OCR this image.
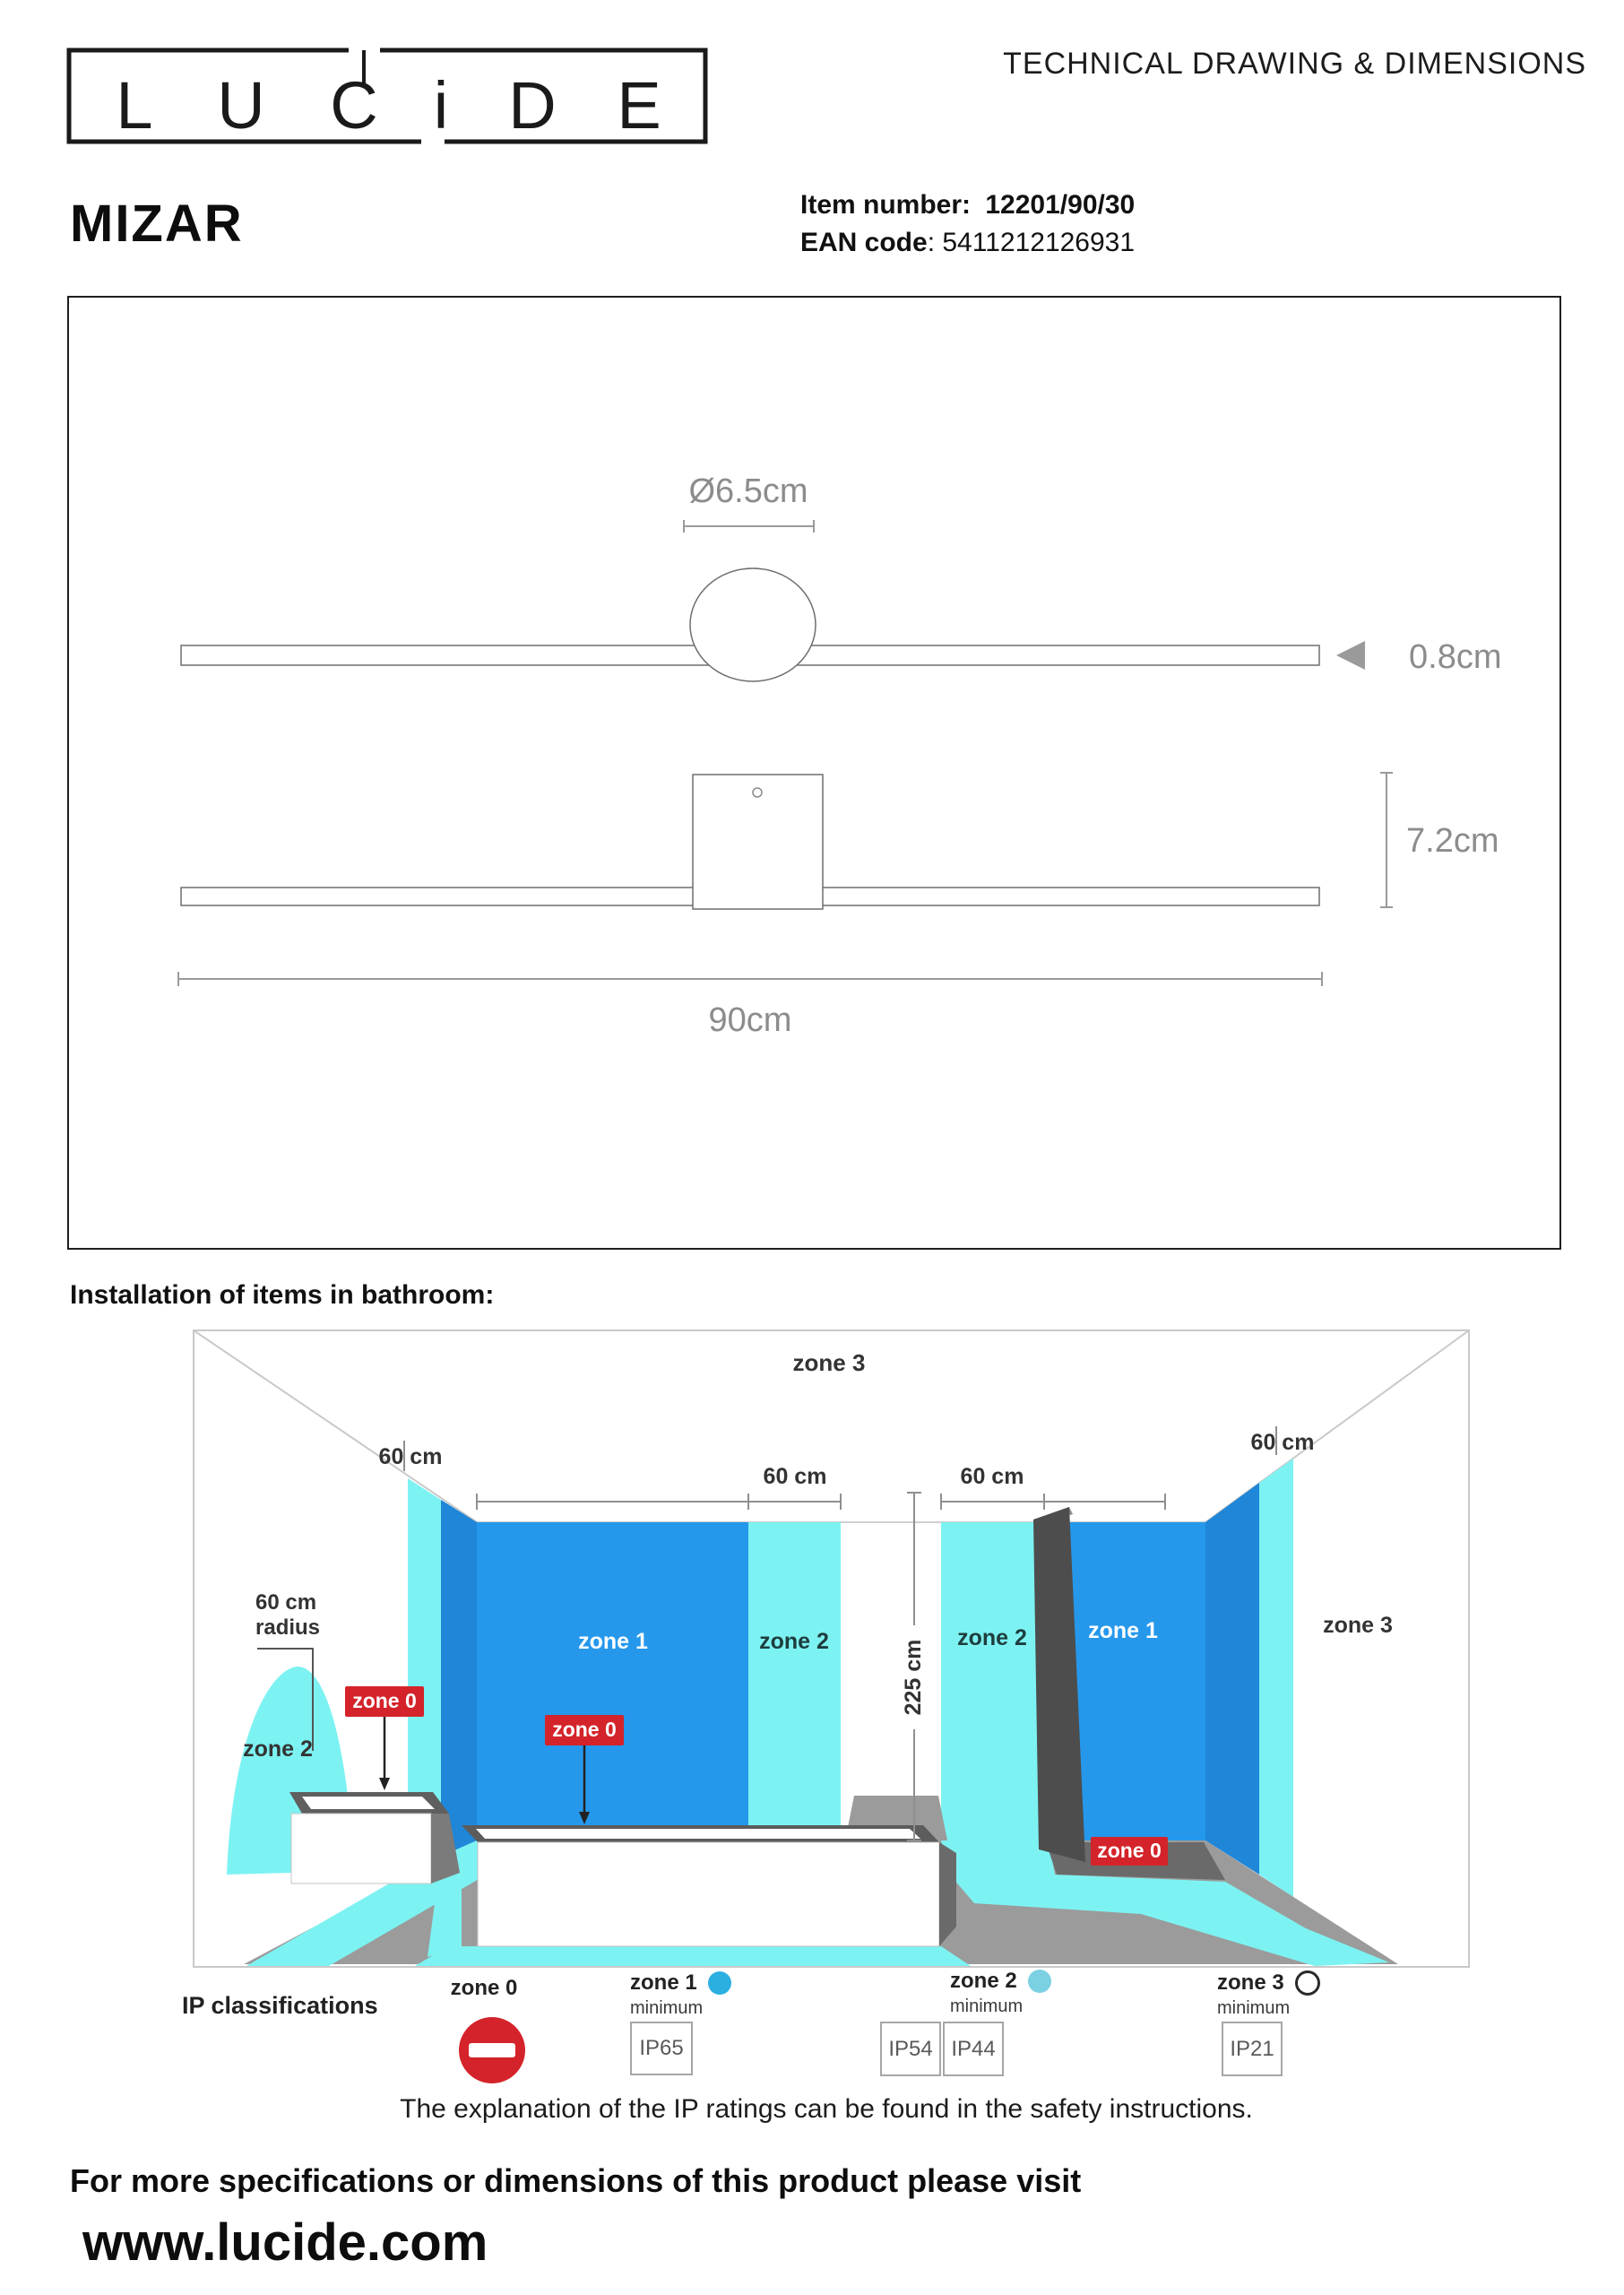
L U C i D E
TECHNICAL DRAWING & DIMENSIONS
MIZAR	Item number: 12201/90/30
EAN code: 5411212126931
Ø6.5cm
0.8cm
7.2cm
90cm
Installation of items in bathroom:
zone 0
zone 0
zone 0
225 cm
zone 3
60 cm
60 cm	60 cm
60 cm
zone 1	zone 2	zone 2	zone 1	zone 3
zone 2
60 cm
radius
IP classifications
zone 0	zone 1
minimum
IP65
zone 2
minimum
IP54 IP44
zone 3
minimum
IP21
The explanation of the IP ratings can be found in the safety instructions.
For more specifications or dimensions of this product please visit
www.lucide.com
